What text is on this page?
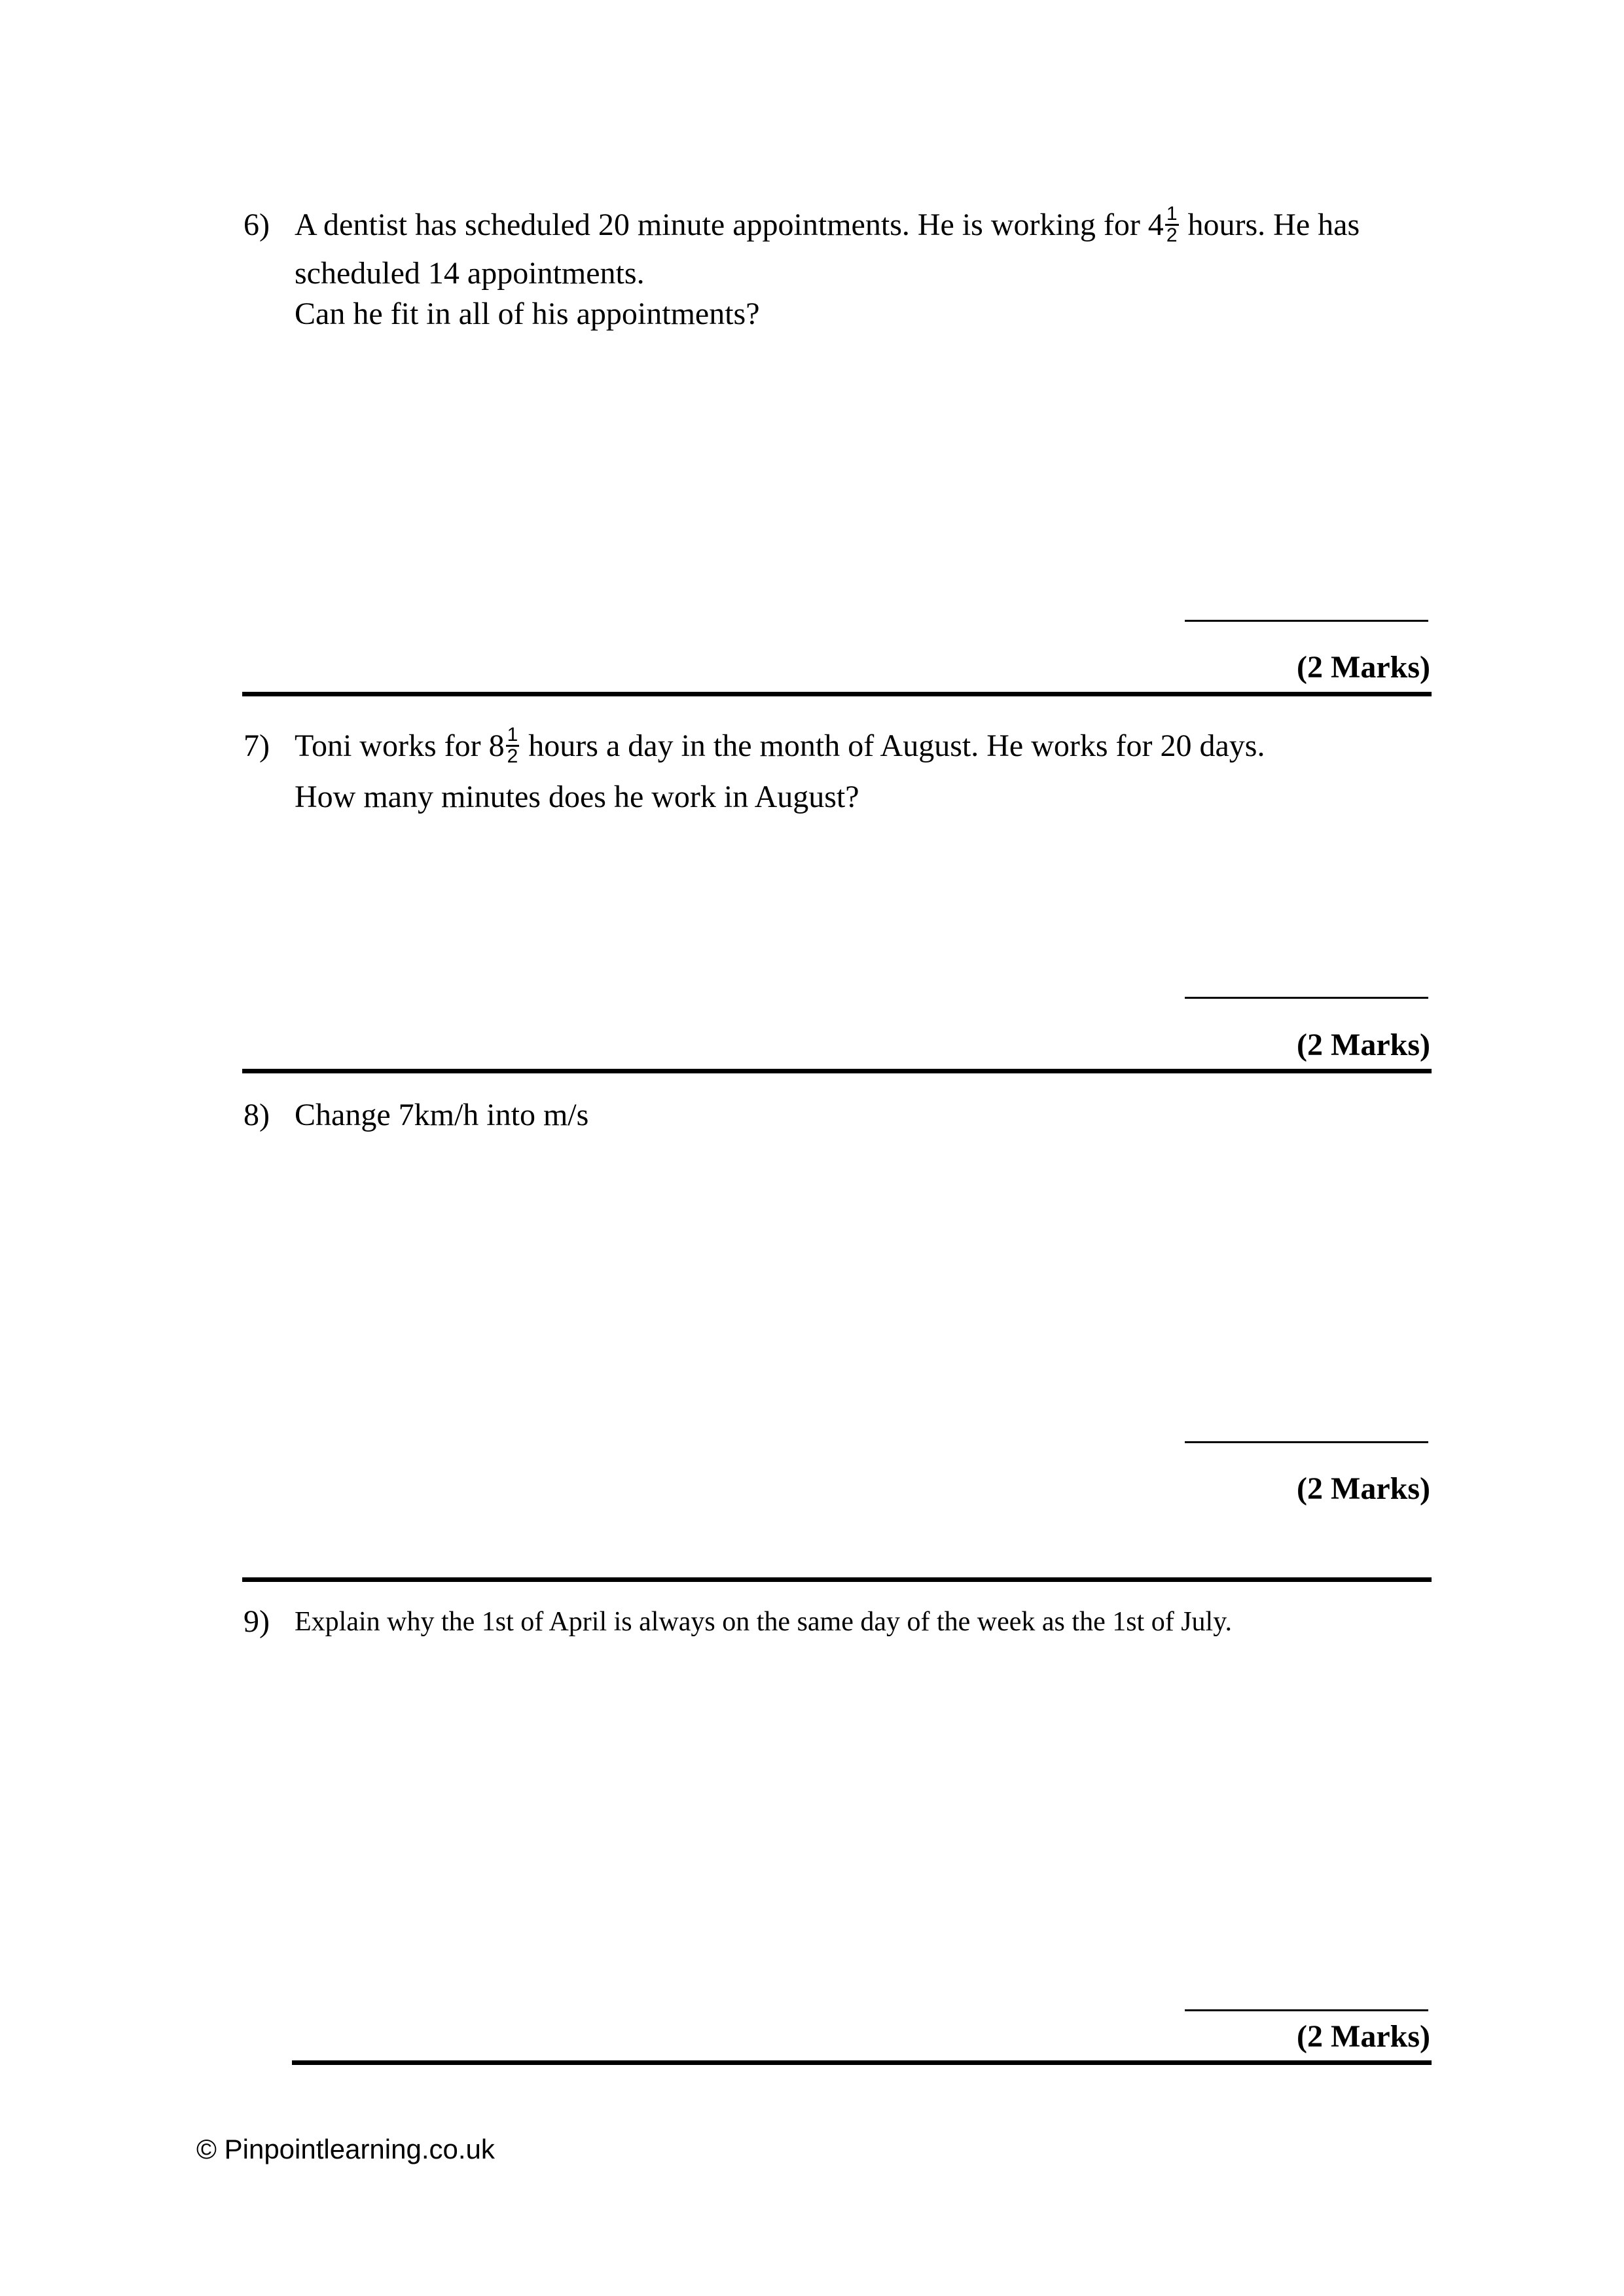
6) A dentist has scheduled 20 minute appointments. He is working for $4 \frac{1}{2}$ hours. He has
scheduled 14 appointments.
Can he fit in all of his appointments?
(2 Marks)
7) Toni works for $8 \frac{1}{2}$ hours a day in the month of August. He works for 20 days.
How many minutes does he work in August?
(2 Marks)
8) Change 7km/h into m/s
(2 Marks)
9) Explain why the 1st of April is always on the same day of the week as the 1st of July.
(2 Marks)
© Pinpointlearning.co.uk
